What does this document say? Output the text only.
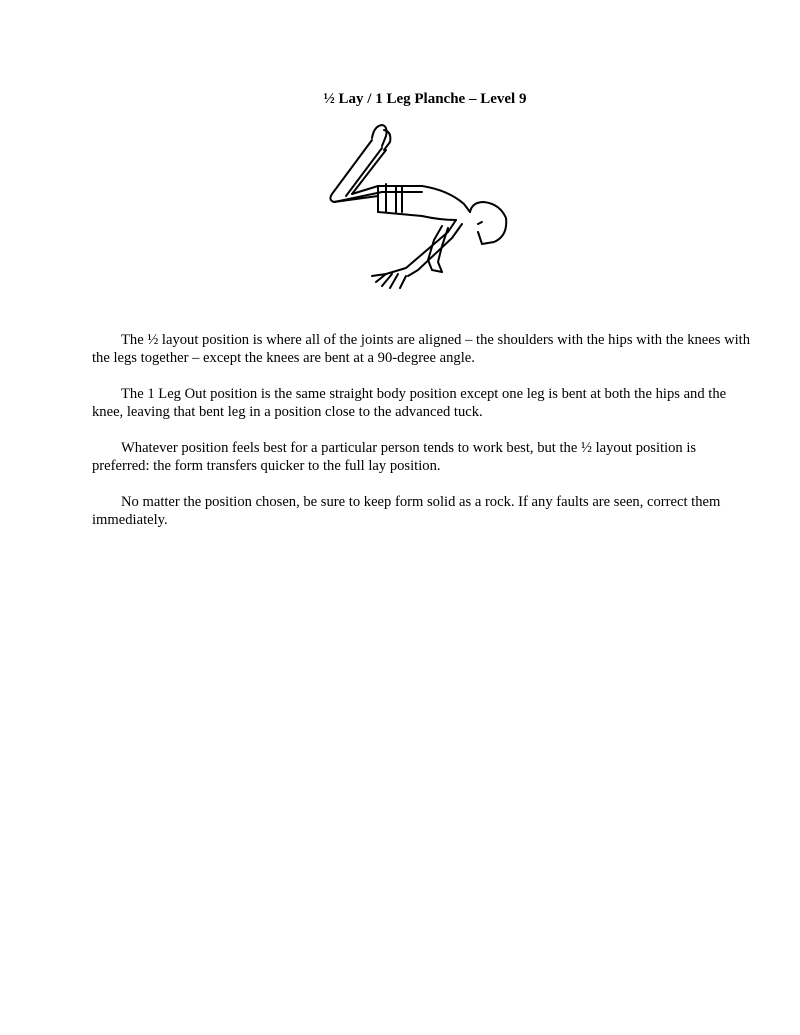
½ Lay / 1 Leg Planche – Level 9

The ½ layout position is where all of the joints are aligned – the shoulders with the hips with the knees with the legs together – except the knees are bent at a 90-degree angle.

The 1 Leg Out position is the same straight body position except one leg is bent at both the hips and the knee, leaving that bent leg in a position close to the advanced tuck.

Whatever position feels best for a particular person tends to work best, but the ½ layout position is preferred: the form transfers quicker to the full lay position.

No matter the position chosen, be sure to keep form solid as a rock. If any faults are seen, correct them immediately.
